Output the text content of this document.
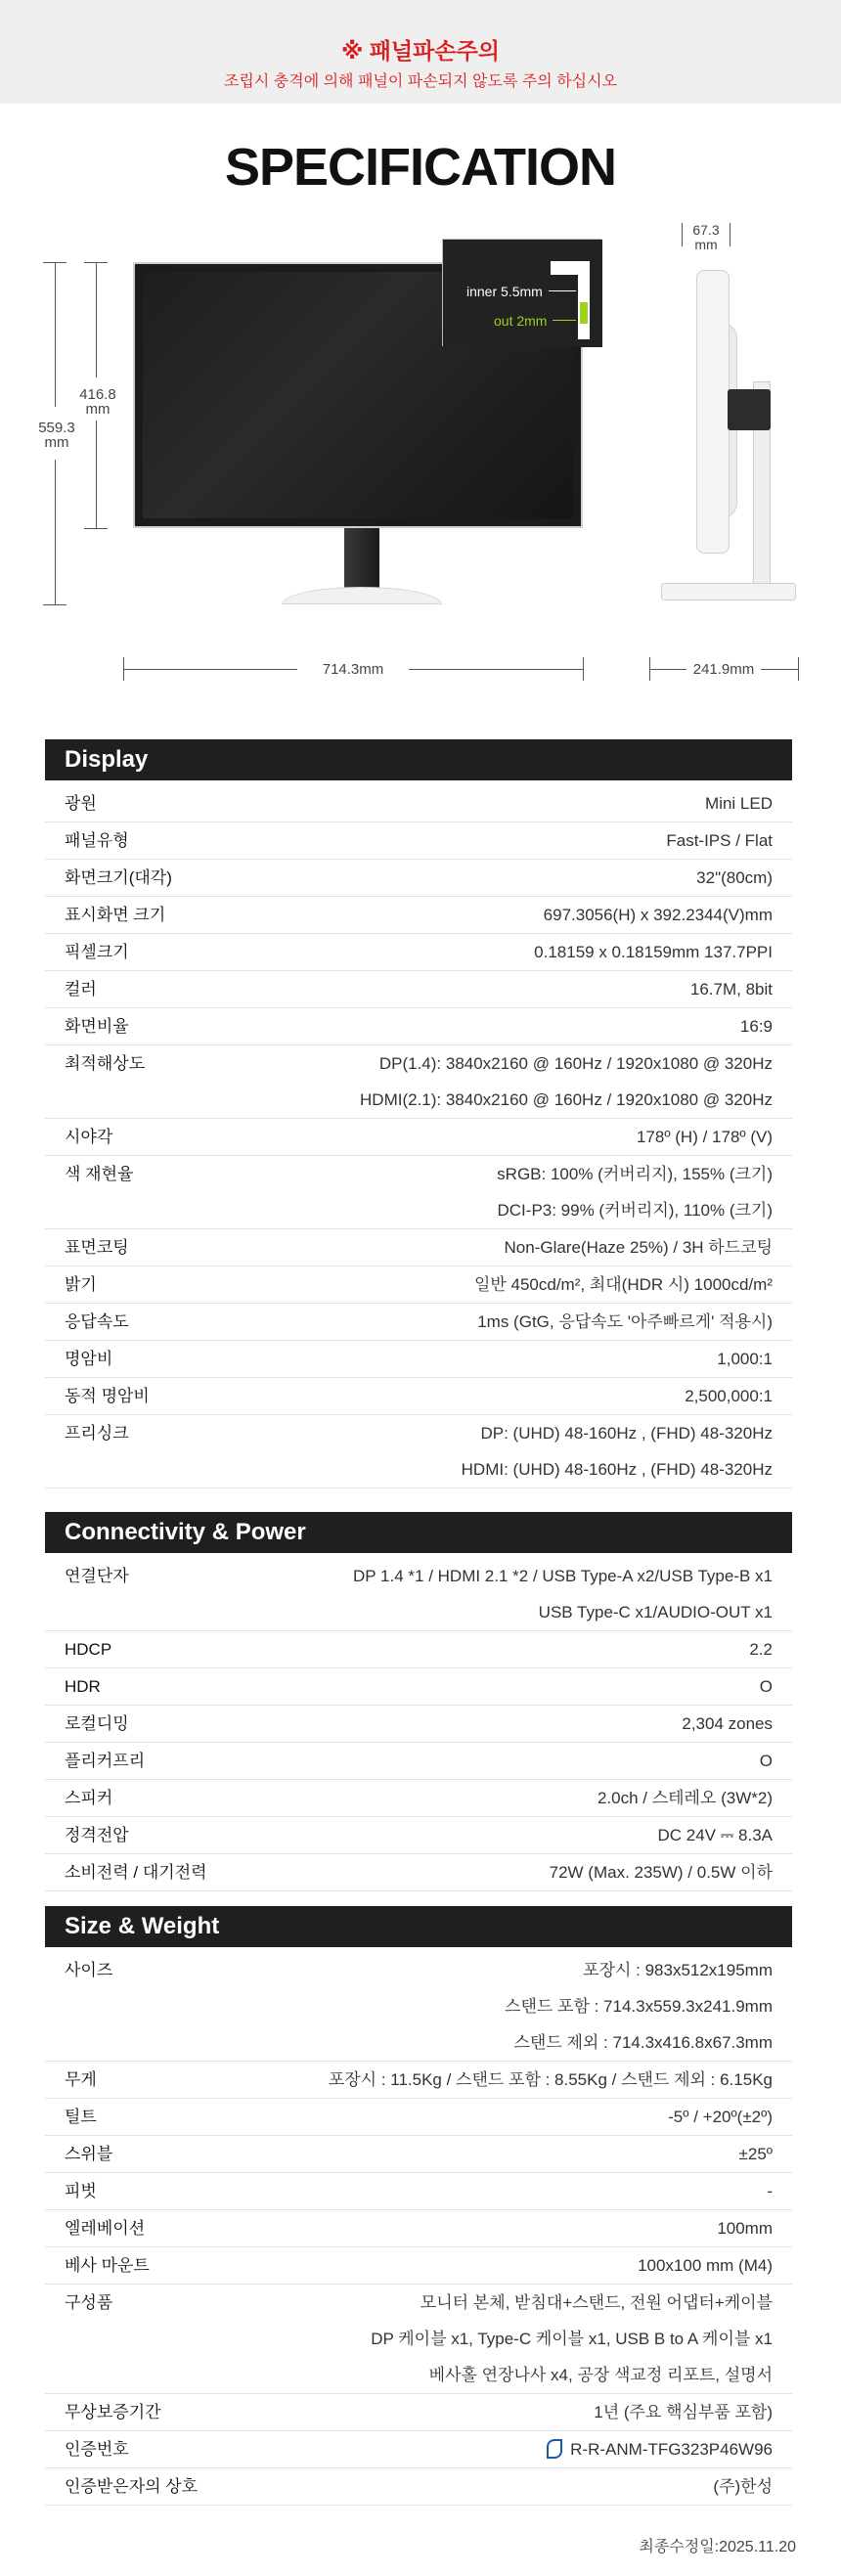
※ 패널파손주의
조립시 충격에 의해 패널이 파손되지 않도록 주의 하십시오
SPECIFICATION
559.3
mm
416.8
mm
inner 5.5mm
out 2mm
67.3
mm
714.3mm	241.9mm
Display
광원	Mini LED
패널유형	Fast-IPS / Flat
화면크기(대각)	32"(80cm)
표시화면 크기	697.3056(H) x 392.2344(V)mm
픽셀크기	0.18159 x 0.18159mm 137.7PPI
컬러	16.7M, 8bit
화면비율	16:9
최적해상도	DP(1.4): 3840x2160 @ 160Hz / 1920x1080 @ 320Hz
HDMI(2.1): 3840x2160 @ 160Hz / 1920x1080 @ 320Hz
시야각	178º (H) / 178º (V)
색 재현율	sRGB: 100% (커버리지), 155% (크기)
DCI-P3: 99% (커버리지), 110% (크기)
표면코팅	Non-Glare(Haze 25%) / 3H 하드코팅
밝기	일반 450cd/m², 최대(HDR 시) 1000cd/m²
응답속도	1ms (GtG, 응답속도 '아주빠르게' 적용시)
명암비	1,000:1
동적 명암비	2,500,000:1
프리싱크	DP: (UHD) 48-160Hz , (FHD) 48-320Hz
HDMI: (UHD) 48-160Hz , (FHD) 48-320Hz
Connectivity & Power
연결단자	DP 1.4 *1 / HDMI 2.1 *2 / USB Type-A x2/USB Type-B x1
USB Type-C x1/AUDIO-OUT x1
HDCP	2.2
HDR	O
로컬디밍	2,304 zones
플리커프리	O
스피커	2.0ch / 스테레오 (3W*2)
정격전압	DC 24V ⎓ 8.3A
소비전력 / 대기전력	72W (Max. 235W) / 0.5W 이하
Size & Weight
사이즈	포장시 : 983x512x195mm
스탠드 포함 : 714.3x559.3x241.9mm
스탠드 제외 : 714.3x416.8x67.3mm
무게	포장시 : 11.5Kg / 스탠드 포함 : 8.55Kg / 스탠드 제외 : 6.15Kg
틸트	-5º / +20º(±2º)
스위블	±25º
피벗	-
엘레베이션	100mm
베사 마운트	100x100 mm (M4)
구성품	모니터 본체, 받침대+스탠드, 전원 어댑터+케이블
DP 케이블 x1, Type-C 케이블 x1, USB B to A 케이블 x1
베사홀 연장나사 x4, 공장 색교정 리포트, 설명서
무상보증기간	1년 (주요 핵심부품 포함)
인증번호	R-R-ANM-TFG323P46W96
인증받은자의 상호	(주)한성
최종수정일:2025.11.20
